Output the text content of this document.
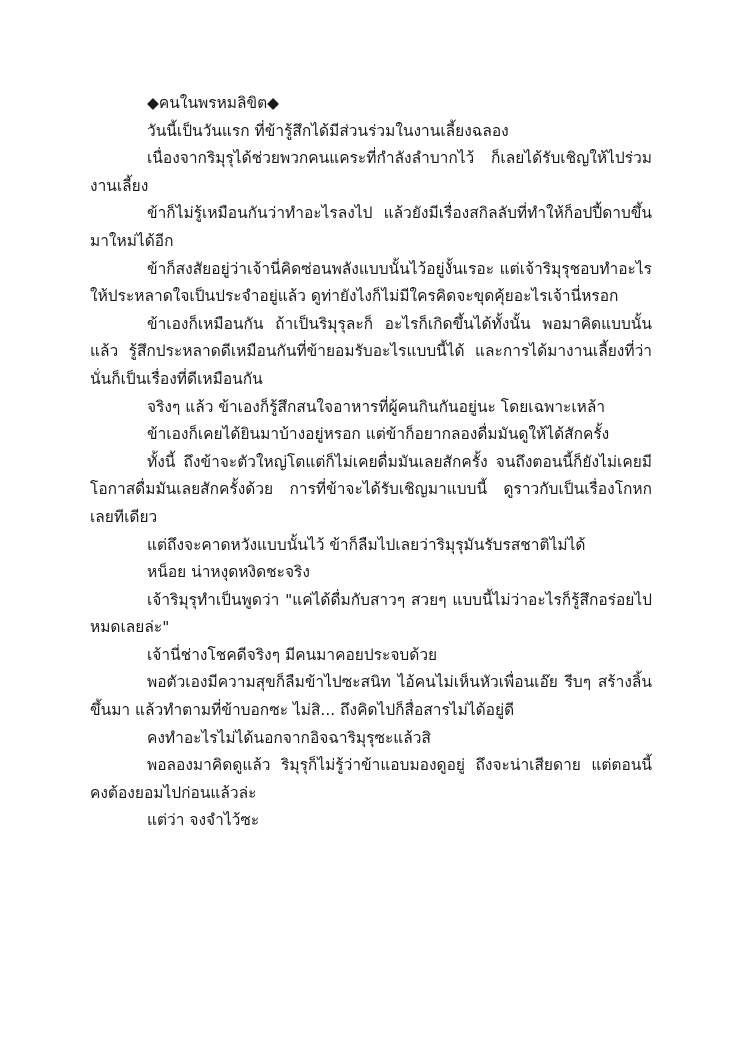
◆คนในพรหมลิขิต◆

วันนี้เป็นวันแรก ที่ข้ารู้สึกได้มีส่วนร่วมในงานเลี้ยงฉลอง

เนื่องจากริมุรุได้ช่วยพวกคนแคระที่กำลังลำบากไว้ ก็เลยได้รับเชิญให้ไปร่วมงานเลี้ยง

ข้าก็ไม่รู้เหมือนกันว่าทำอะไรลงไป แล้วยังมีเรื่องสกิลลับที่ทำให้ก็อปปี้ดาบขึ้นมาใหม่ได้อีก

ข้าก็สงสัยอยู่ว่าเจ้านี่คิดซ่อนพลังแบบนั้นไว้อยู่งั้นเรอะ แต่เจ้าริมุรุชอบทำอะไรให้ประหลาดใจเป็นประจำอยู่แล้ว ดูท่ายังไงก็ไม่มีใครคิดจะขุดคุ้ยอะไรเจ้านี่หรอก

ข้าเองก็เหมือนกัน ถ้าเป็นริมุรุละก็ อะไรก็เกิดขึ้นได้ทั้งนั้น พอมาคิดแบบนั้นแล้ว รู้สึกประหลาดดีเหมือนกันที่ข้ายอมรับอะไรแบบนี้ได้ และการได้มางานเลี้ยงที่ว่า นั่นก็เป็นเรื่องที่ดีเหมือนกัน

จริงๆ แล้ว ข้าเองก็รู้สึกสนใจอาหารที่ผู้คนกินกันอยู่นะ โดยเฉพาะเหล้า

ข้าเองก็เคยได้ยินมาบ้างอยู่หรอก แต่ข้าก็อยากลองดื่มมันดูให้ได้สักครั้ง

ทั้งนี้ ถึงข้าจะตัวใหญ่โตแต่ก็ไม่เคยดื่มมันเลยสักครั้ง จนถึงตอนนี้ก็ยังไม่เคยมีโอกาสดื่มมันเลยสักครั้งด้วย การที่ข้าจะได้รับเชิญมาแบบนี้ ดูราวกับเป็นเรื่องโกหกเลยทีเดียว

แต่ถึงจะคาดหวังแบบนั้นไว้ ข้าก็ลืมไปเลยว่าริมุรุมันรับรสชาติไม่ได้

หน็อย น่าหงุดหงิดชะจริง

เจ้าริมุรุทำเป็นพูดว่า "แค่ได้ดื่มกับสาวๆ สวยๆ แบบนี้ไม่ว่าอะไรก็รู้สึกอร่อยไปหมดเลยล่ะ"

เจ้านี่ช่างโชคดีจริงๆ มีคนมาคอยประจบด้วย

พอตัวเองมีความสุขก็ลืมข้าไปซะสนิท ไอ้คนไม่เห็นหัวเพื่อนเอ๊ย รีบๆ สร้างลิ้นขึ้นมา แล้วทำตามที่ข้าบอกซะ ไม่สิ... ถึงคิดไปก็สื่อสารไม่ได้อยู่ดี

คงทำอะไรไม่ได้นอกจากอิจฉาริมุรุซะแล้วสิ

พอลองมาคิดดูแล้ว ริมุรุก็ไม่รู้ว่าข้าแอบมองดูอยู่ ถึงจะน่าเสียดาย แต่ตอนนี้คงต้องยอมไปก่อนแล้วล่ะ

แต่ว่า จงจำไว้ซะ
